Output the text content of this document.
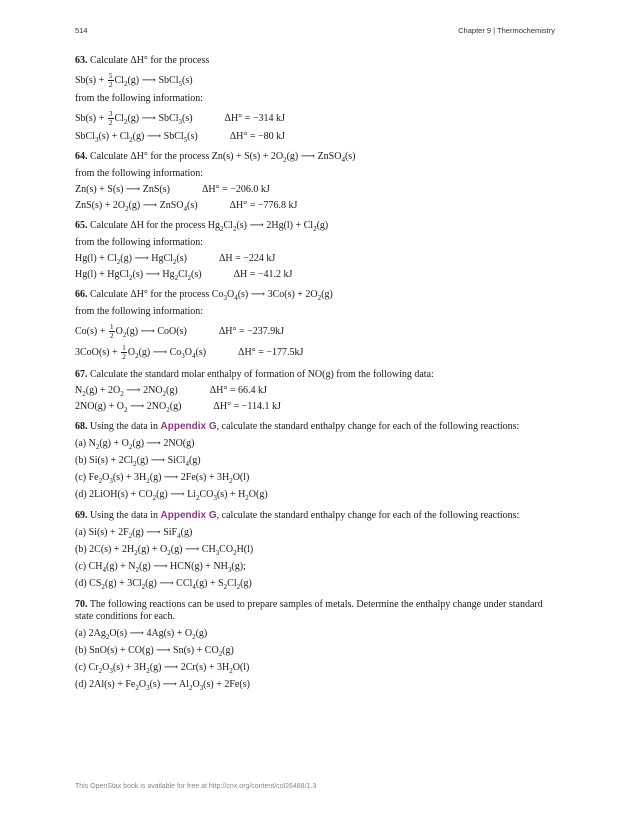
514	Chapter 9 | Thermochemistry
63. Calculate ΔH° for the process
$Sb(s) + \frac{5}{2} Cl_2(g)$ ⟶ SbCl$_5$(s)
from the following information:
$Sb(s) + \frac{3}{2} Cl_2(g)$ ⟶ SbCl$_3$(s)	ΔH° = −314 kJ
SbCl$_3$(s) + $Cl_2(g)$ ⟶ SbCl$_5$(s)	ΔH° = −80 kJ
64. Calculate ΔH° for the process $Zn(s) + S(s) + 2O_2(g)$ ⟶ ZnSO$_4$(s)
from the following information:
Zn(s) + S(s) ⟶ ZnS(s)	ΔH° = −206.0 kJ
$ZnS(s) + 2O_2(g)$ ⟶ ZnSO$_4$(s)	ΔH° = −776.8 kJ
65. Calculate ΔH for the process $Hg_2Cl_2(s)$ ⟶ $2Hg(l) + Cl_2(g)$
from the following information:
$Hg(l) + Cl_2(g)$ ⟶ HgCl$_2$(s)	ΔH = −224 kJ
Hg(l) + HgCl$_2$(s) ⟶ $Hg_2Cl_2(s)$	ΔH = −41.2 kJ
66. Calculate ΔH° for the process $Co_3O_4(s)$ ⟶ $3Co(s) + 2O_2(g)$
from the following information:
$Co(s) + \frac{1}{2} O_2(g)$ ⟶ CoO(s)	ΔH° = −237.9kJ
$3CoO(s) + \frac{1}{2} O_2(g)$ ⟶ $Co_3O_4(s)$	ΔH° = −177.5kJ
67. Calculate the standard molar enthalpy of formation of NO(g) from the following data:
$N_2(g) + 2O_2$ ⟶ $2NO_2(g)$	ΔH° = 66.4 kJ
$2NO(g) + O_2$ ⟶ $2NO_2(g)$	ΔH° = −114.1 kJ
68. Using the data in Appendix G, calculate the standard enthalpy change for each of the following reactions:
(a) $N_2(g) + O_2(g)$ ⟶ 2NO(g)
(b) $Si(s) + 2Cl_2(g)$ ⟶ SiCl$_4$(g)
(c) $Fe_2O_3(s) + 3H_2(g)$ ⟶ $2Fe(s) + 3H_2O(l)$
(d) 2LiOH(s) + $CO_2(g)$ ⟶ $Li_2CO_3(s) + H_2O(g)$
69. Using the data in Appendix G, calculate the standard enthalpy change for each of the following reactions:
(a) $Si(s) + 2F_2(g)$ ⟶ SiF$_4$(g)
(b) $2C(s) + 2H_2(g) + O_2(g)$ ⟶ $CH_3CO_2H(l)$
(c) $CH_4(g) + N_2(g)$ ⟶ $HCN(g) + NH_3(g)$;
(d) $CS_2(g) + 3Cl_2(g)$ ⟶ $CCl_4(g) + S_2Cl_2(g)$
70. The following reactions can be used to prepare samples of metals. Determine the enthalpy change under standard state conditions for each.
(a) $2Ag_2O(s)$ ⟶ $4Ag(s) + O_2(g)$
(b) SnO(s) + CO(g) ⟶ $Sn(s) + CO_2(g)$
(c) $Cr_2O_3(s) + 3H_2(g)$ ⟶ $2Cr(s) + 3H_2O(l)$
(d) $2Al(s) + Fe_2O_3(s)$ ⟶ $Al_2O_3(s) + 2Fe(s)$
This OpenStax book is available for free at http://cnx.org/content/col26488/1.3
